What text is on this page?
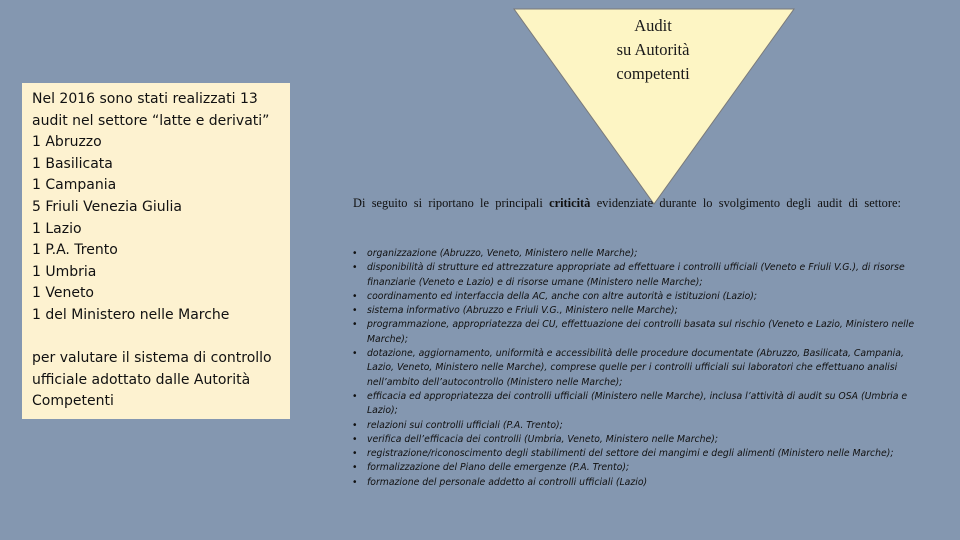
Audit
su Autorità
competenti
Nel 2016 sono stati realizzati 13
audit nel settore “latte e derivati”
1 Abruzzo
1 Basilicata
1 Campania
5 Friuli Venezia Giulia
1 Lazio
1 P.A. Trento
1 Umbria
1 Veneto
1 del Ministero nelle Marche
per valutare il sistema di controllo
ufficiale adottato dalle Autorità
Competenti
Di seguito si riportano le principali criticità evidenziate durante lo svolgimento degli audit di settore:
• organizzazione (Abruzzo, Veneto, Ministero nelle Marche);
• disponibilità di strutture ed attrezzature appropriate ad effettuare i controlli ufficiali (Veneto e Friuli V.G.), di risorse finanziarie (Veneto e Lazio) e di risorse umane (Ministero nelle Marche);
• coordinamento ed interfaccia della AC, anche con altre autorità e istituzioni (Lazio);
• sistema informativo (Abruzzo e Friuli V.G., Ministero nelle Marche);
• programmazione, appropriatezza dei CU, effettuazione dei controlli basata sul rischio (Veneto e Lazio, Ministero nelle Marche);
• dotazione, aggiornamento, uniformità e accessibilità delle procedure documentate (Abruzzo, Basilicata, Campania, Lazio, Veneto, Ministero nelle Marche), comprese quelle per i controlli ufficiali sui laboratori che effettuano analisi nell’ambito dell’autocontrollo (Ministero nelle Marche);
• efficacia ed appropriatezza dei controlli ufficiali (Ministero nelle Marche), inclusa l’attività di audit su OSA (Umbria e Lazio);
• relazioni sui controlli ufficiali (P.A. Trento);
• verifica dell’efficacia dei controlli (Umbria, Veneto, Ministero nelle Marche);
• registrazione/riconoscimento degli stabilimenti del settore dei mangimi e degli alimenti (Ministero nelle Marche);
• formalizzazione del Piano delle emergenze (P.A. Trento);
• formazione del personale addetto ai controlli ufficiali (Lazio)
